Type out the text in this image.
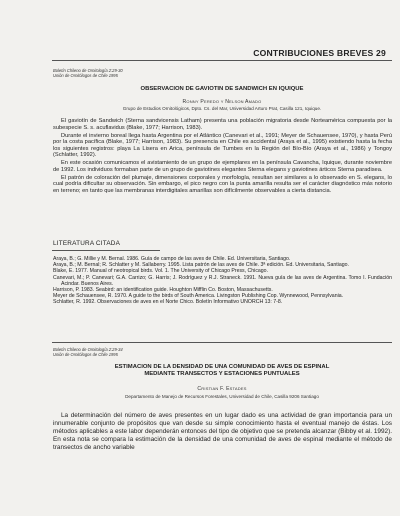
CONTRIBUCIONES BREVES 29
Boletín Chileno de Ornitología 2:29-30
Unión de Ornitólogos de Chile 1995
OBSERVACION DE GAVIOTIN DE SANDWICH EN IQUIQUE
Ronny Peredo y Nelson Amado
Grupo de Estudios Ornitológicos, Dpto. Cs. del Mar, Universidad Arturo Prat, Casilla 121, Iquique.

El gaviotín de Sandwich (Sterna sandvicensis Latham) presenta una población migratoria desde Norteamérica compuesta por la subespecie S. s. acuflavidus (Blake, 1977; Harrison, 1983).

Durante el invierno boreal llega hasta Argentina por el Atlántico (Canevari et al., 1991; Meyer de Schauensee, 1970), y hasta Perú por la costa pacífica (Blake, 1977; Harrison, 1983). Su presencia en Chile es accidental (Araya et al., 1995) existiendo hasta la fecha los siguientes registros: playa La Lisera en Arica, península de Tumbes en la Región del Bío-Bío (Araya et al., 1986) y Tongoy (Schlatter, 1992).

En este ocasión comunicamos el avistamiento de un grupo de ejemplares en la península Cavancha, Iquique, durante noviembre de 1992. Los individuos formaban parte de un grupo de gaviotines elegantes Sterna elegans y gaviotines árticos Sterna paradisea.

El patrón de coloración del plumaje, dimensiones corporales y morfología, resultan ser similares a lo observado en S. elegans, lo cual podría dificultar su observación. Sin embargo, el pico negro con la punta amarilla resulta ser el carácter diagnóstico más notorio en terreno; en tanto que las membranas interdigitales amarillas son difícilmente observables a cierta distancia.

LITERATURA CITADA
Araya, B.; G. Millie y M. Bernal. 1986. Guía de campo de las aves de Chile. Ed. Universitaria, Santiago.
Araya, B.; M. Bernal; R. Schlatter y M. Sallaberry. 1995. Lista patrón de las aves de Chile. 3ª edición. Ed. Universitaria, Santiago.
Blake, E. 1977. Manual of neotropical birds. Vol. 1. The University of Chicago Press, Chicago.
Canevari, M.; P. Canevari; G.A. Carrizo; G. Harris; J. Rodríguez y R.J. Straneck. 1991. Nueva guía de las aves de Argentina. Tomo I. Fundación Acindar. Buenos Aires.
Harrison, P. 1983. Seabird: an identification guide. Houghton Mifflin Co. Boston, Massachusetts.
Meyer de Schauensee, R. 1970. A guide to the birds of South America. Livingston Publishing Cop. Wynnewood, Pennsylvania.
Schlatter, R. 1992. Observaciones de aves en el Norte Chico. Boletín Informativo UNORCH 13: 7-8.
Boletín Chileno de Ornitología 2:29-34
Unión de Ornitólogos de Chile 1995
ESTIMACION DE LA DENSIDAD DE UNA COMUNIDAD DE AVES DE ESPINAL
MEDIANTE TRANSECTOS Y ESTACIONES PUNTUALES
Cristian F. Estades
Departamento de Manejo de Recursos Forestales, Universidad de Chile, Casilla 9206 Santiago

La determinación del número de aves presentes en un lugar dado es una actividad de gran importancia para un innumerable conjunto de propósitos que van desde su simple conocimiento hasta el eventual manejo de éstas. Los métodos aplicables a este labor dependerán entonces del tipo de objetivo que se pretenda alcanzar (Bibby et al. 1992). En esta nota se compara la estimación de la densidad de una comunidad de aves de espinal mediante el método de transectos de ancho variable
